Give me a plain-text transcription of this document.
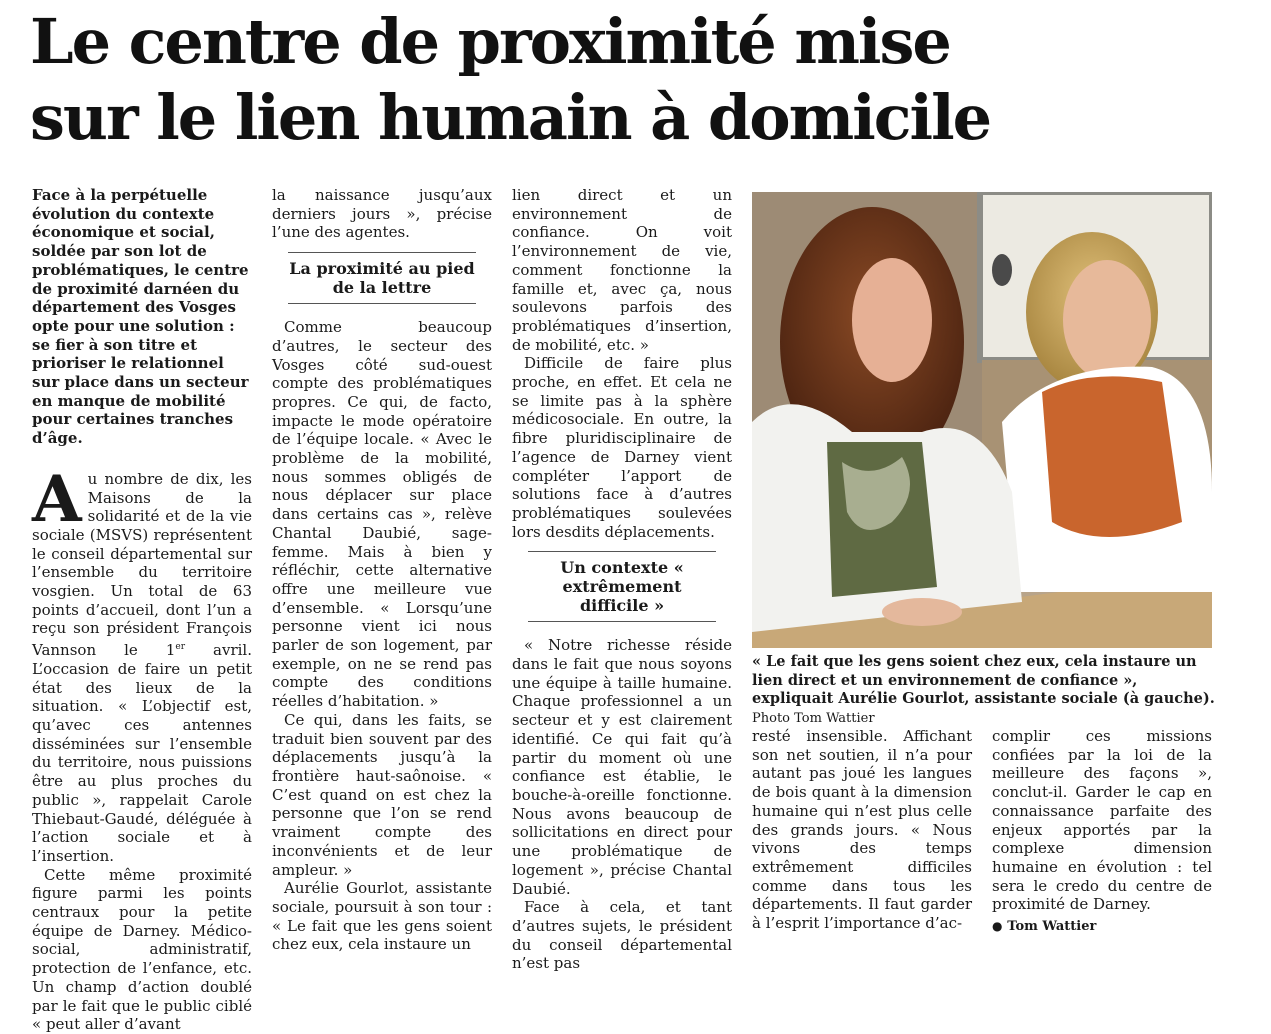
Le centre de proximité mise sur le lien humain à domicile

Face à la perpétuelle évolution du contexte économique et social, soldée par son lot de problématiques, le centre de proximité darnéen du département des Vosges opte pour une solution : se fier à son titre et prioriser le relationnel sur place dans un secteur en manque de mobilité pour certaines tranches d’âge.

Au nombre de dix, les Maisons de la solidarité et de la vie sociale (MSVS) représentent le conseil départemental sur l’ensemble du territoire vosgien. Un total de 63 points d’accueil, dont l’un a reçu son président François Vannson le 1er avril. L’occasion de faire un petit état des lieux de la situation. « L’objectif est, qu’avec ces antennes disséminées sur l’ensemble du territoire, nous puissions être au plus proches du public », rappelait Carole Thiebaut-Gaudé, déléguée à l’action sociale et à l’insertion.

Cette même proximité figure parmi les points centraux pour la petite équipe de Darney. Médico-social, administratif, protection de l’enfance, etc. Un champ d’action doublé par le fait que le public ciblé « peut aller d’avant

la naissance jusqu’aux derniers jours », précise l’une des agentes.

La proximité au pied de la lettre

Comme beaucoup d’autres, le secteur des Vosges côté sud-ouest compte des problématiques propres. Ce qui, de facto, impacte le mode opératoire de l’équipe locale. « Avec le problème de la mobilité, nous sommes obligés de nous déplacer sur place dans certains cas », relève Chantal Daubié, sage-femme. Mais à bien y réfléchir, cette alternative offre une meilleure vue d’ensemble. « Lorsqu’une personne vient ici nous parler de son logement, par exemple, on ne se rend pas compte des conditions réelles d’habitation. »

Ce qui, dans les faits, se traduit bien souvent par des déplacements jusqu’à la frontière haut-saônoise. « C’est quand on est chez la personne que l’on se rend vraiment compte des inconvénients et de leur ampleur. »

Aurélie Gourlot, assistante sociale, poursuit à son tour : « Le fait que les gens soient chez eux, cela instaure un

lien direct et un environnement de confiance. On voit l’environnement de vie, comment fonctionne la famille et, avec ça, nous soulevons parfois des problématiques d’insertion, de mobilité, etc. »

Difficile de faire plus proche, en effet. Et cela ne se limite pas à la sphère médicosociale. En outre, la fibre pluridisciplinaire de l’agence de Darney vient compléter l’apport de solutions face à d’autres problématiques soulevées lors desdits déplacements.

Un contexte « extrêmement difficile »

« Notre richesse réside dans le fait que nous soyons une équipe à taille humaine. Chaque professionnel a un secteur et y est clairement identifié. Ce qui fait qu’à partir du moment où une confiance est établie, le bouche-à-oreille fonctionne. Nous avons beaucoup de sollicitations en direct pour une problématique de logement », précise Chantal Daubié.

Face à cela, et tant d’autres sujets, le président du conseil départemental n’est pas

« Le fait que les gens soient chez eux, cela instaure un lien direct et un environnement de confiance », expliquait Aurélie Gourlot, assistante sociale (à gauche). Photo Tom Wattier

resté insensible. Affichant son net soutien, il n’a pour autant pas joué les langues de bois quant à la dimension humaine qui n’est plus celle des grands jours. « Nous vivons des temps extrêmement difficiles comme dans tous les départements. Il faut garder à l’esprit l’importance d’ac-

complir ces missions confiées par la loi de la meilleure des façons », conclut-il. Garder le cap en connaissance parfaite des enjeux apportés par la complexe dimension humaine en évolution : tel sera le credo du centre de proximité de Darney.

● Tom Wattier
